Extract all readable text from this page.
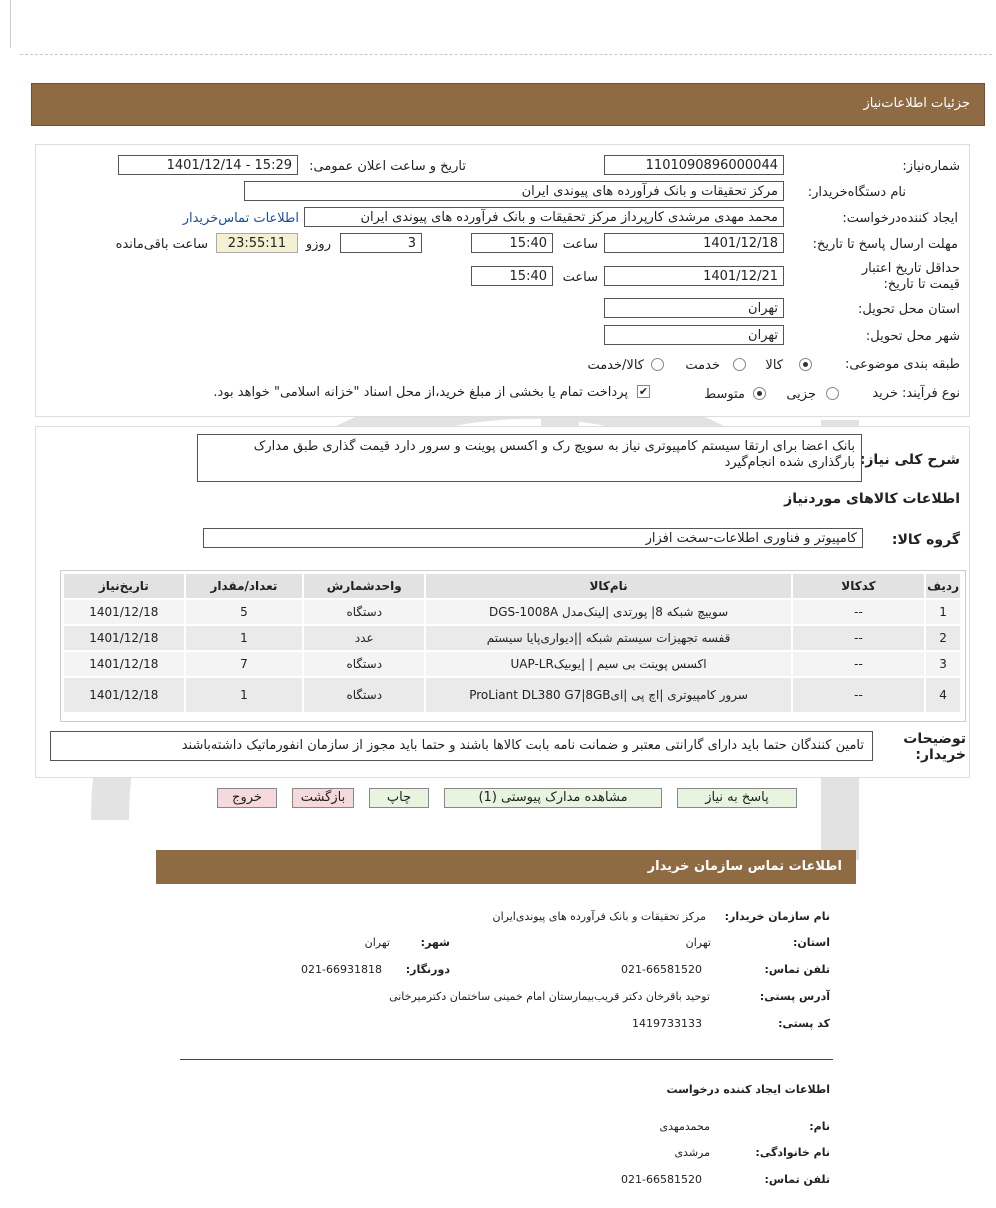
جزئیات اطلاعات‌نیاز
شماره‌نیاز:
1101090896000044
تاریخ و ساعت اعلان عمومی:
1401/12/14 - 15:29
نام دستگاه‌خریدار:
مرکز تحقیقات و بانک فرآورده های پیوندی ایران
ایجاد کننده‌درخواست:
محمد مهدی مرشدی کارپرداز مرکز تحقیقات و بانک فرآورده های پیوندی ایران
اطلاعات تماس‌خریدار
مهلت ارسال پاسخ تا تاریخ:
1401/12/18
ساعت
15:40
3
روزو
23:55:11
ساعت باقی‌مانده
حداقل تاریخ اعتبار قیمت تا تاریخ:
1401/12/21
ساعت
15:40
استان محل تحویل:
تهران
شهر محل تحویل:
تهران
طبقه بندی موضوعی:
کالا
خدمت
کالا/خدمت
نوع فرآیند:
خرید
جزیی
متوسط
✔
پرداخت تمام یا بخشی از مبلغ خرید،از محل اسناد "خزانه اسلامی" خواهد بود.
شرح کلی نیاز:
بانک اعضا برای ارتقا سیستم کامپیوتری نیاز به سویچ رک و اکسس پوینت و سرور دارد قیمت گذاری طبق مدارک بارگذاری شده انجام‌گیرد
اطلاعات کالاهای موردنیاز
گروه کالا:
کامپیوتر و فناوری اطلاعات-سخت افزار
ردیف	کدکالا	نام‌کالا	واحدشمارش	تعداد/مقدار	تاریخ‌نیاز
1	--	سوییچ شبکه 8| پورتدی |لینک‌مدل DGS-1008A	دستگاه	5	1401/12/18
2	--	قفسه تجهیزات سیستم شبکه ||دیواری‌پایا سیستم	عدد	1	1401/12/18
3	--	اکسس پوینت بی سیم | |یوبیکUAP-LR	دستگاه	7	1401/12/18
4	--	سرور کامپیوتری |اچ پی |ایProLiant DL380 G7|8GB	دستگاه	1	1401/12/18
توضیحات خریدار:
تامین کنندگان حتما باید دارای گارانتی معتبر و ضمانت نامه بابت کالاها باشند و حتما باید مجوز از سازمان انفورماتیک داشته‌باشند
پاسخ به نیاز
مشاهده مدارک پیوستی (1)
چاپ
بازگشت
خروج
اطلاعات تماس سازمان خریدار
نام سازمان خریدار:
مرکز تحقیقات و بانک فرآورده های پیوندی‌ایران
استان:
تهران
شهر:
تهران
تلفن تماس:
021-66581520
دورنگار:
021-66931818
آدرس پستی:
توحید باقرخان دکتر قریب‌بیمارستان امام خمینی ساختمان دکترمیرخانی
کد پستی:
1419733133
اطلاعات ایجاد کننده درخواست
نام:
محمدمهدی
نام خانوادگی:
مرشدی
تلفن تماس:
021-66581520
